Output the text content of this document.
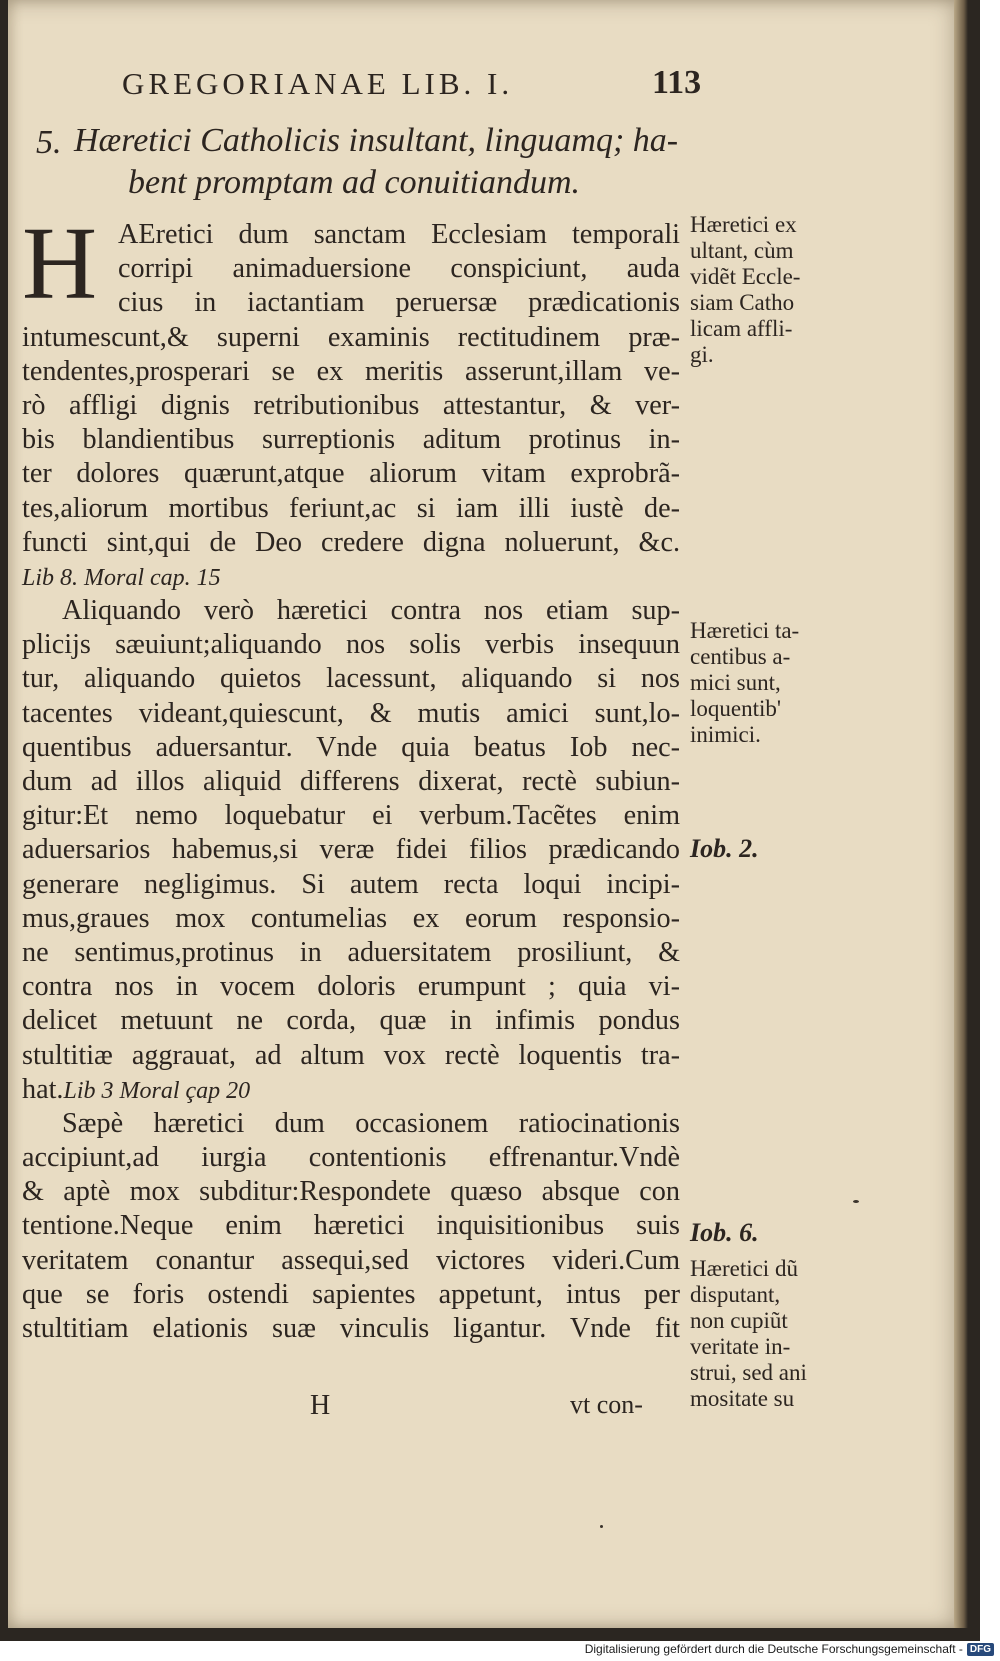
GREGORIANAE LIB. I.	113
5. Hæretici Catholicis insultant, linguamq; ha-
bent promptam ad conuitiandum.
H AEretici dum sanctam Ecclesiam temporali
corripi animaduersione conspiciunt, auda
cius in iactantiam peruersæ prædicationis
intumescunt,& superni examinis rectitudinem præ-
tendentes,prosperari se ex meritis asserunt,illam ve-
rò affligi dignis retributionibus attestantur, & ver-
bis blandientibus surreptionis aditum protinus in-
ter dolores quærunt,atque aliorum vitam exprobrã-
tes,aliorum mortibus feriunt,ac si iam illi iustè de-
functi sint,qui de Deo credere digna noluerunt, &c.
Lib 8. Moral cap. 15
Aliquando verò hæretici contra nos etiam sup-
plicijs sæuiunt;aliquando nos solis verbis insequun
tur, aliquando quietos lacessunt, aliquando si nos
tacentes videant,quiescunt, & mutis amici sunt,lo-
quentibus aduersantur. Vnde quia beatus Iob nec-
dum ad illos aliquid differens dixerat, rectè subiun-
gitur:Et nemo loquebatur ei verbum.Tacẽtes enim
aduersarios habemus,si veræ fidei filios prædicando
generare negligimus. Si autem recta loqui incipi-
mus,graues mox contumelias ex eorum responsio-
ne sentimus,protinus in aduersitatem prosiliunt, &
contra nos in vocem doloris erumpunt ; quia vi-
delicet metuunt ne corda, quæ in infimis pondus
stultitiæ aggrauat, ad altum vox rectè loquentis tra-
hat.Lib 3 Moral çap 20
Sæpè hæretici dum occasionem ratiocinationis
accipiunt,ad iurgia contentionis effrenantur.Vndè
& aptè mox subditur:Respondete quæso absque con
tentione.Neque enim hæretici inquisitionibus suis
veritatem conantur assequi,sed victores videri.Cum
que se foris ostendi sapientes appetunt, intus per
stultitiam elationis suæ vinculis ligantur. Vnde fit
Hæretici ex
ultant, cùm
vidẽt Eccle-
siam Catho
licam affli-
gi.
Hæretici ta-
centibus a-
mici sunt,
loquentib'
inimici.
Iob. 2.
Iob. 6.
Hæretici dũ
disputant,
non cupiũt
veritate in-
strui, sed ani
mositate su
H	vt con-
Digitalisierung gefördert durch die Deutsche Forschungsgemeinschaft - DFG
